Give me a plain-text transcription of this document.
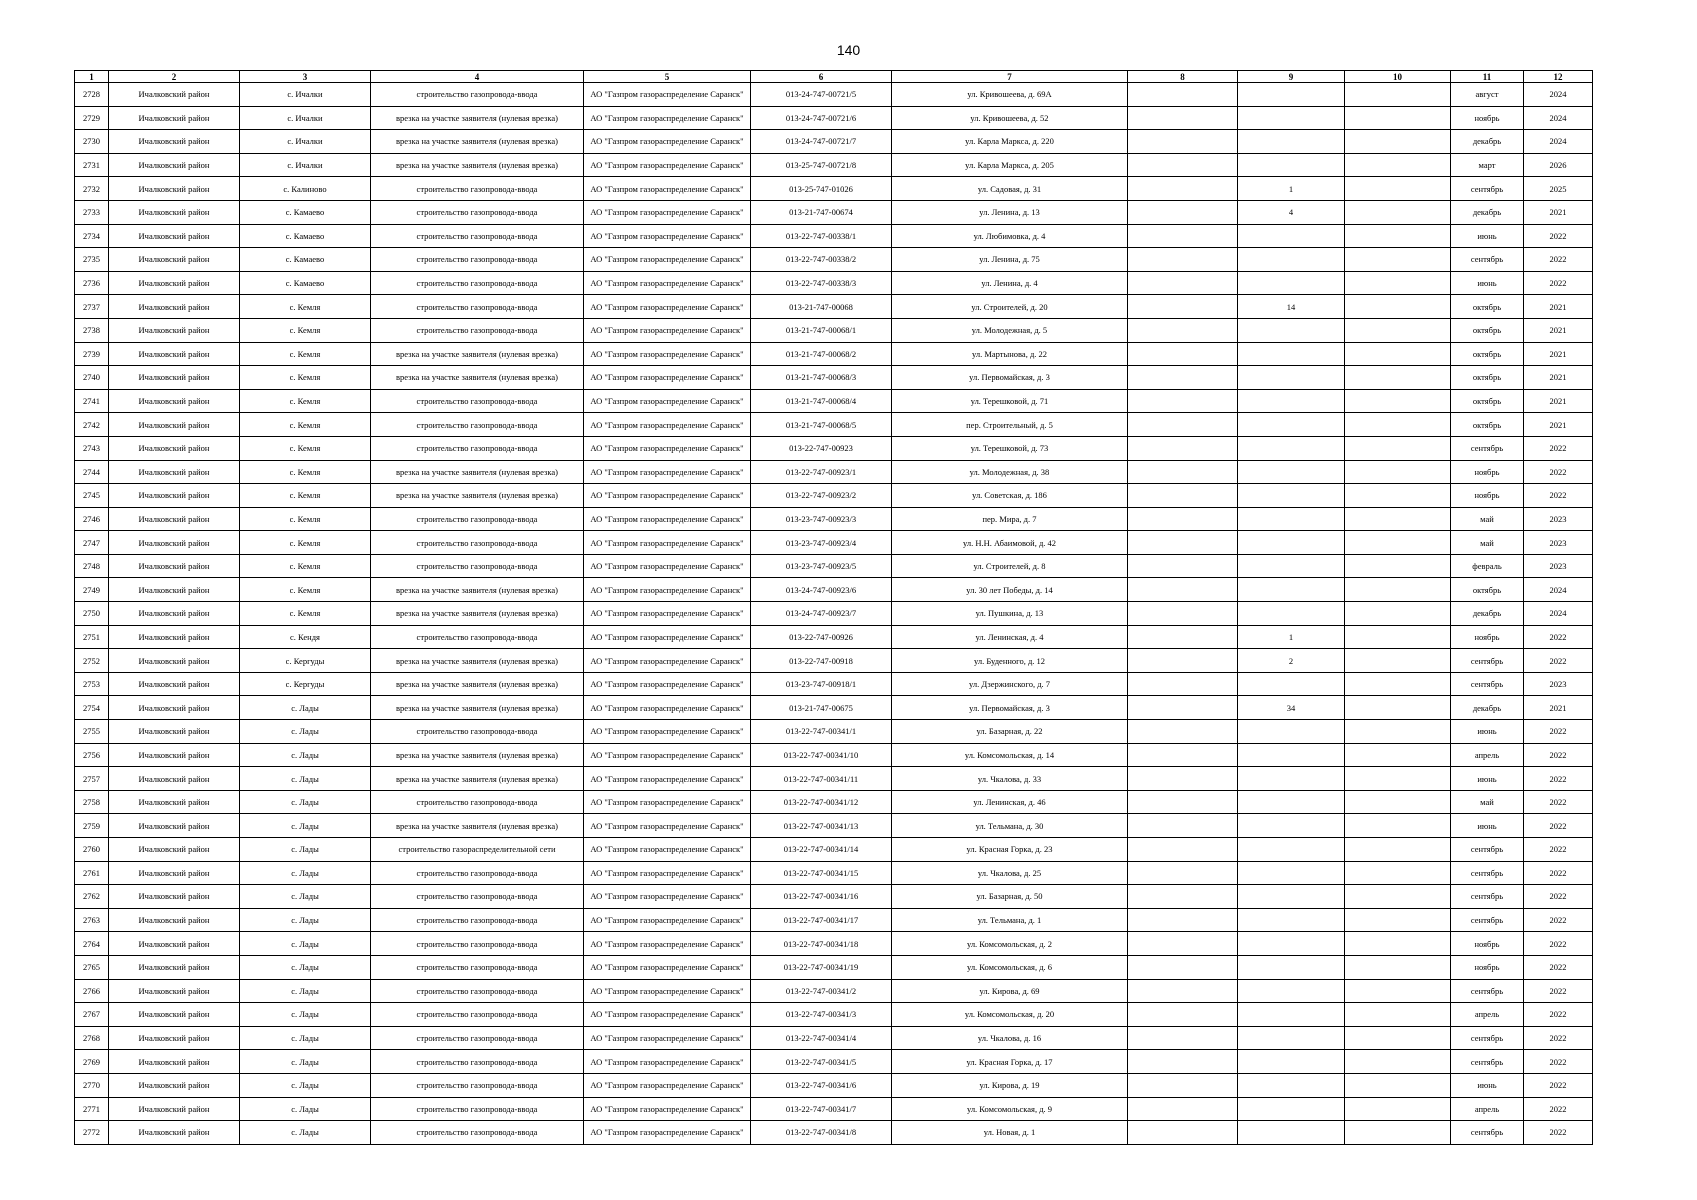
140
1	2	3	4	5	6	7	8	9	10	11	12
2728	Ичалковский район	с. Ичалки	строительство газопровода-ввода	АО "Газпром газораспределение Саранск"	013-24-747-00721/5	ул. Кривошеева, д. 69А				август	2024
2729	Ичалковский район	с. Ичалки	врезка на участке заявителя (нулевая врезка)	АО "Газпром газораспределение Саранск"	013-24-747-00721/6	ул. Кривошеева, д. 52				ноябрь	2024
2730	Ичалковский район	с. Ичалки	врезка на участке заявителя (нулевая врезка)	АО "Газпром газораспределение Саранск"	013-24-747-00721/7	ул. Карла Маркса, д. 220				декабрь	2024
2731	Ичалковский район	с. Ичалки	врезка на участке заявителя (нулевая врезка)	АО "Газпром газораспределение Саранск"	013-25-747-00721/8	ул. Карла Маркса, д. 205				март	2026
2732	Ичалковский район	с. Калиново	строительство газопровода-ввода	АО "Газпром газораспределение Саранск"	013-25-747-01026	ул. Садовая, д. 31		1		сентябрь	2025
2733	Ичалковский район	с. Камаево	строительство газопровода-ввода	АО "Газпром газораспределение Саранск"	013-21-747-00674	ул. Ленина, д. 13		4		декабрь	2021
2734	Ичалковский район	с. Камаево	строительство газопровода-ввода	АО "Газпром газораспределение Саранск"	013-22-747-00338/1	ул. Любимовка, д. 4				июнь	2022
2735	Ичалковский район	с. Камаево	строительство газопровода-ввода	АО "Газпром газораспределение Саранск"	013-22-747-00338/2	ул. Ленина, д. 75				сентябрь	2022
2736	Ичалковский район	с. Камаево	строительство газопровода-ввода	АО "Газпром газораспределение Саранск"	013-22-747-00338/3	ул. Ленина, д. 4				июнь	2022
2737	Ичалковский район	с. Кемля	строительство газопровода-ввода	АО "Газпром газораспределение Саранск"	013-21-747-00068	ул. Строителей, д. 20		14		октябрь	2021
2738	Ичалковский район	с. Кемля	строительство газопровода-ввода	АО "Газпром газораспределение Саранск"	013-21-747-00068/1	ул. Молодежная, д. 5				октябрь	2021
2739	Ичалковский район	с. Кемля	врезка на участке заявителя (нулевая врезка)	АО "Газпром газораспределение Саранск"	013-21-747-00068/2	ул. Мартынова, д. 22				октябрь	2021
2740	Ичалковский район	с. Кемля	врезка на участке заявителя (нулевая врезка)	АО "Газпром газораспределение Саранск"	013-21-747-00068/3	ул. Первомайская, д. 3				октябрь	2021
2741	Ичалковский район	с. Кемля	строительство газопровода-ввода	АО "Газпром газораспределение Саранск"	013-21-747-00068/4	ул. Терешковой, д. 71				октябрь	2021
2742	Ичалковский район	с. Кемля	строительство газопровода-ввода	АО "Газпром газораспределение Саранск"	013-21-747-00068/5	пер. Строительный, д. 5				октябрь	2021
2743	Ичалковский район	с. Кемля	строительство газопровода-ввода	АО "Газпром газораспределение Саранск"	013-22-747-00923	ул. Терешковой, д. 73				сентябрь	2022
2744	Ичалковский район	с. Кемля	врезка на участке заявителя (нулевая врезка)	АО "Газпром газораспределение Саранск"	013-22-747-00923/1	ул. Молодежная, д. 38				ноябрь	2022
2745	Ичалковский район	с. Кемля	врезка на участке заявителя (нулевая врезка)	АО "Газпром газораспределение Саранск"	013-22-747-00923/2	ул. Советская, д. 186				ноябрь	2022
2746	Ичалковский район	с. Кемля	строительство газопровода-ввода	АО "Газпром газораспределение Саранск"	013-23-747-00923/3	пер. Мира, д. 7				май	2023
2747	Ичалковский район	с. Кемля	строительство газопровода-ввода	АО "Газпром газораспределение Саранск"	013-23-747-00923/4	ул. Н.Н. Абаимовой, д. 42				май	2023
2748	Ичалковский район	с. Кемля	строительство газопровода-ввода	АО "Газпром газораспределение Саранск"	013-23-747-00923/5	ул. Строителей, д. 8				февраль	2023
2749	Ичалковский район	с. Кемля	врезка на участке заявителя (нулевая врезка)	АО "Газпром газораспределение Саранск"	013-24-747-00923/6	ул. 30 лет Победы, д. 14				октябрь	2024
2750	Ичалковский район	с. Кемля	врезка на участке заявителя (нулевая врезка)	АО "Газпром газораспределение Саранск"	013-24-747-00923/7	ул. Пушкина, д. 13				декабрь	2024
2751	Ичалковский район	с. Кендя	строительство газопровода-ввода	АО "Газпром газораспределение Саранск"	013-22-747-00926	ул. Ленинская, д. 4		1		ноябрь	2022
2752	Ичалковский район	с. Кергуды	врезка на участке заявителя (нулевая врезка)	АО "Газпром газораспределение Саранск"	013-22-747-00918	ул. Буденного, д. 12		2		сентябрь	2022
2753	Ичалковский район	с. Кергуды	врезка на участке заявителя (нулевая врезка)	АО "Газпром газораспределение Саранск"	013-23-747-00918/1	ул. Дзержинского, д. 7				сентябрь	2023
2754	Ичалковский район	с. Лады	врезка на участке заявителя (нулевая врезка)	АО "Газпром газораспределение Саранск"	013-21-747-00675	ул. Первомайская, д. 3		34		декабрь	2021
2755	Ичалковский район	с. Лады	строительство газопровода-ввода	АО "Газпром газораспределение Саранск"	013-22-747-00341/1	ул. Базарная, д. 22				июнь	2022
2756	Ичалковский район	с. Лады	врезка на участке заявителя (нулевая врезка)	АО "Газпром газораспределение Саранск"	013-22-747-00341/10	ул. Комсомольская, д. 14				апрель	2022
2757	Ичалковский район	с. Лады	врезка на участке заявителя (нулевая врезка)	АО "Газпром газораспределение Саранск"	013-22-747-00341/11	ул. Чкалова, д. 33				июнь	2022
2758	Ичалковский район	с. Лады	строительство газопровода-ввода	АО "Газпром газораспределение Саранск"	013-22-747-00341/12	ул. Ленинская, д. 46				май	2022
2759	Ичалковский район	с. Лады	врезка на участке заявителя (нулевая врезка)	АО "Газпром газораспределение Саранск"	013-22-747-00341/13	ул. Тельмана, д. 30				июнь	2022
2760	Ичалковский район	с. Лады	строительство газораспределительной сети	АО "Газпром газораспределение Саранск"	013-22-747-00341/14	ул. Красная Горка, д. 23				сентябрь	2022
2761	Ичалковский район	с. Лады	строительство газопровода-ввода	АО "Газпром газораспределение Саранск"	013-22-747-00341/15	ул. Чкалова, д. 25				сентябрь	2022
2762	Ичалковский район	с. Лады	строительство газопровода-ввода	АО "Газпром газораспределение Саранск"	013-22-747-00341/16	ул. Базарная, д. 50				сентябрь	2022
2763	Ичалковский район	с. Лады	строительство газопровода-ввода	АО "Газпром газораспределение Саранск"	013-22-747-00341/17	ул. Тельмана, д. 1				сентябрь	2022
2764	Ичалковский район	с. Лады	строительство газопровода-ввода	АО "Газпром газораспределение Саранск"	013-22-747-00341/18	ул. Комсомольская, д. 2				ноябрь	2022
2765	Ичалковский район	с. Лады	строительство газопровода-ввода	АО "Газпром газораспределение Саранск"	013-22-747-00341/19	ул. Комсомольская, д. 6				ноябрь	2022
2766	Ичалковский район	с. Лады	строительство газопровода-ввода	АО "Газпром газораспределение Саранск"	013-22-747-00341/2	ул. Кирова, д. 69				сентябрь	2022
2767	Ичалковский район	с. Лады	строительство газопровода-ввода	АО "Газпром газораспределение Саранск"	013-22-747-00341/3	ул. Комсомольская, д. 20				апрель	2022
2768	Ичалковский район	с. Лады	строительство газопровода-ввода	АО "Газпром газораспределение Саранск"	013-22-747-00341/4	ул. Чкалова, д. 16				сентябрь	2022
2769	Ичалковский район	с. Лады	строительство газопровода-ввода	АО "Газпром газораспределение Саранск"	013-22-747-00341/5	ул. Красная Горка, д. 17				сентябрь	2022
2770	Ичалковский район	с. Лады	строительство газопровода-ввода	АО "Газпром газораспределение Саранск"	013-22-747-00341/6	ул. Кирова, д. 19				июнь	2022
2771	Ичалковский район	с. Лады	строительство газопровода-ввода	АО "Газпром газораспределение Саранск"	013-22-747-00341/7	ул. Комсомольская, д. 9				апрель	2022
2772	Ичалковский район	с. Лады	строительство газопровода-ввода	АО "Газпром газораспределение Саранск"	013-22-747-00341/8	ул. Новая, д. 1				сентябрь	2022
